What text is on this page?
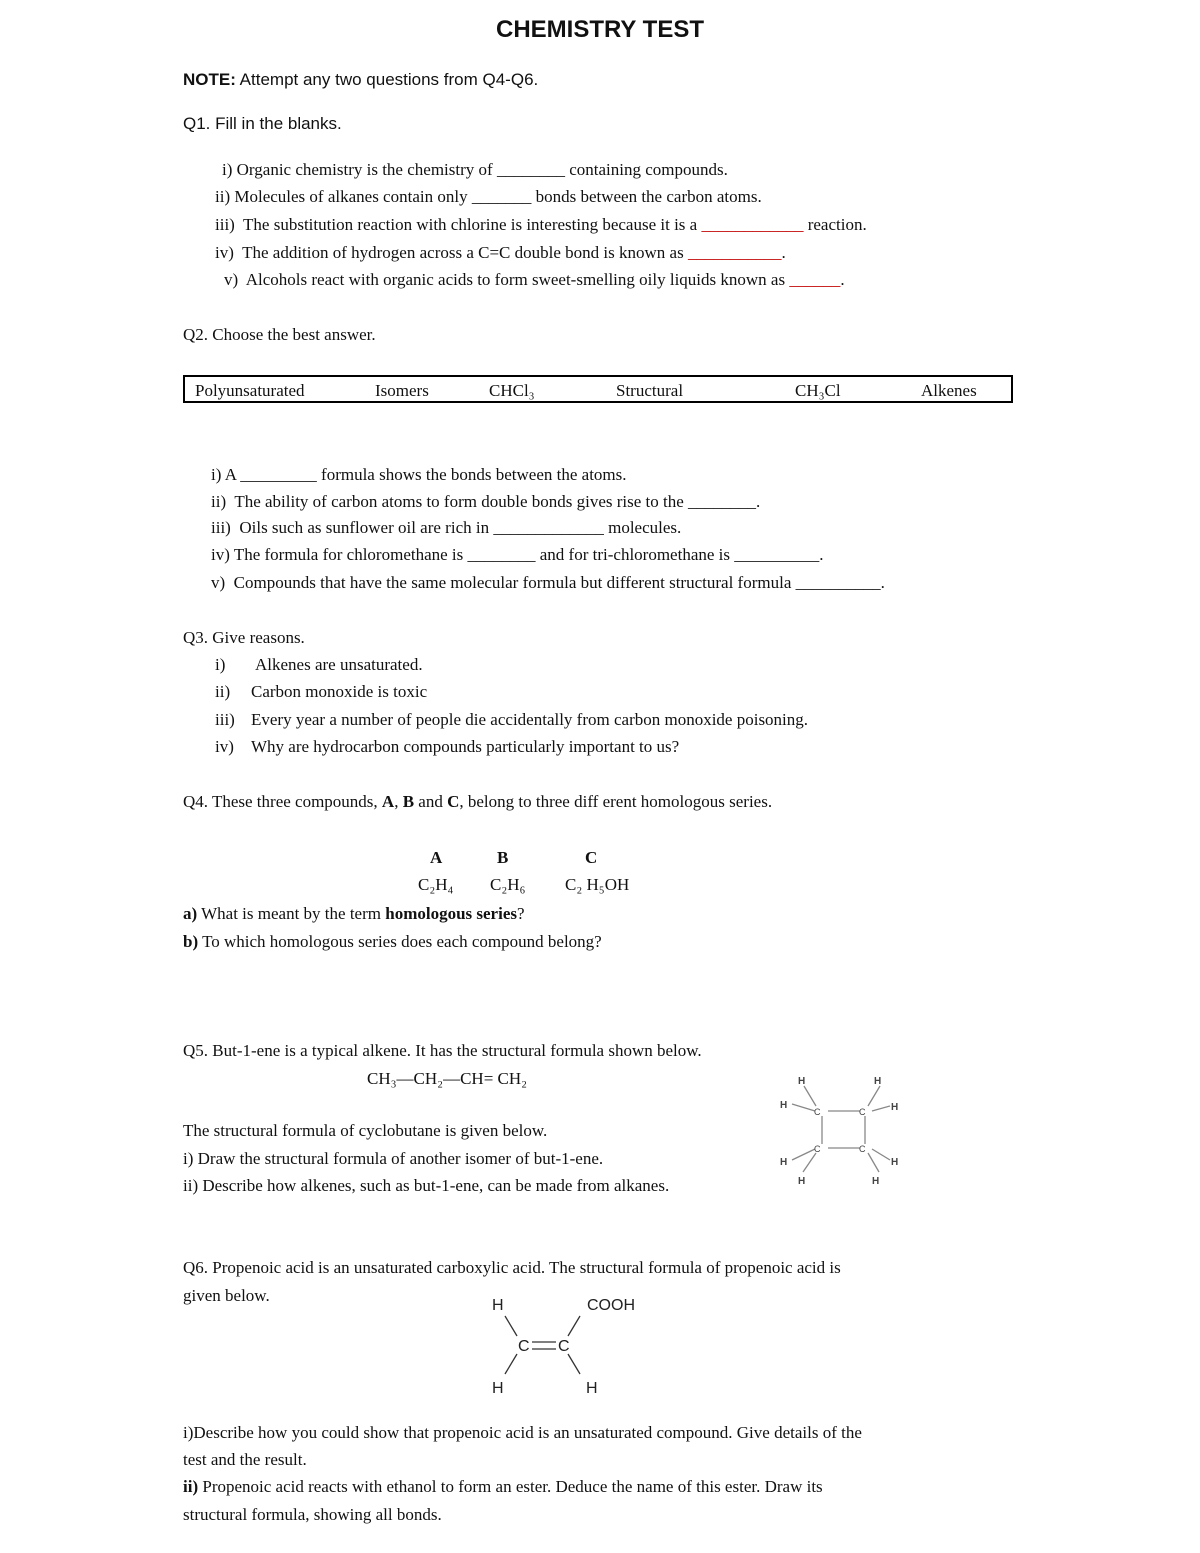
CHEMISTRY TEST
NOTE: Attempt any two questions from Q4-Q6.
Q1. Fill in the blanks.
i) Organic chemistry is the chemistry of ________ containing compounds.
ii) Molecules of alkanes contain only _______ bonds between the carbon atoms.
iii) The substitution reaction with chlorine is interesting because it is a ____________ reaction.
iv) The addition of hydrogen across a C=C double bond is known as ___________.
v) Alcohols react with organic acids to form sweet-smelling oily liquids known as ______.
Q2. Choose the best answer.
Polyunsaturated	Isomers	CHCl₃	Structural	CH₃Cl	Alkenes
i) A _________ formula shows the bonds between the atoms.
ii) The ability of carbon atoms to form double bonds gives rise to the ________.
iii) Oils such as sunflower oil are rich in _____________ molecules.
iv) The formula for chloromethane is ________ and for tri-chloromethane is __________.
v) Compounds that have the same molecular formula but different structural formula __________.
Q3. Give reasons.
i) Alkenes are unsaturated.
ii) Carbon monoxide is toxic
iii) Every year a number of people die accidentally from carbon monoxide poisoning.
iv) Why are hydrocarbon compounds particularly important to us?
Q4. These three compounds, A, B and C, belong to three diff erent homologous series.
A	B	C
C₂H₄ C₂H₆ C₂ H₅OH
a) What is meant by the term homologous series?
b) To which homologous series does each compound belong?
Q5. But-1-ene is a typical alkene. It has the structural formula shown below.
CH₃—CH₂—CH= CH₂
The structural formula of cyclobutane is given below.
i) Draw the structural formula of another isomer of but-1-ene.
ii) Describe how alkenes, such as but-1-ene, can be made from alkanes.
H	H
H	H
H	H
H	H
C	C
C	C
Q6. Propenoic acid is an unsaturated carboxylic acid. The structural formula of propenoic acid is
given below.
H	COOH
C C
H	H
i)Describe how you could show that propenoic acid is an unsaturated compound. Give details of the
test and the result.
ii) Propenoic acid reacts with ethanol to form an ester. Deduce the name of this ester. Draw its
structural formula, showing all bonds.
